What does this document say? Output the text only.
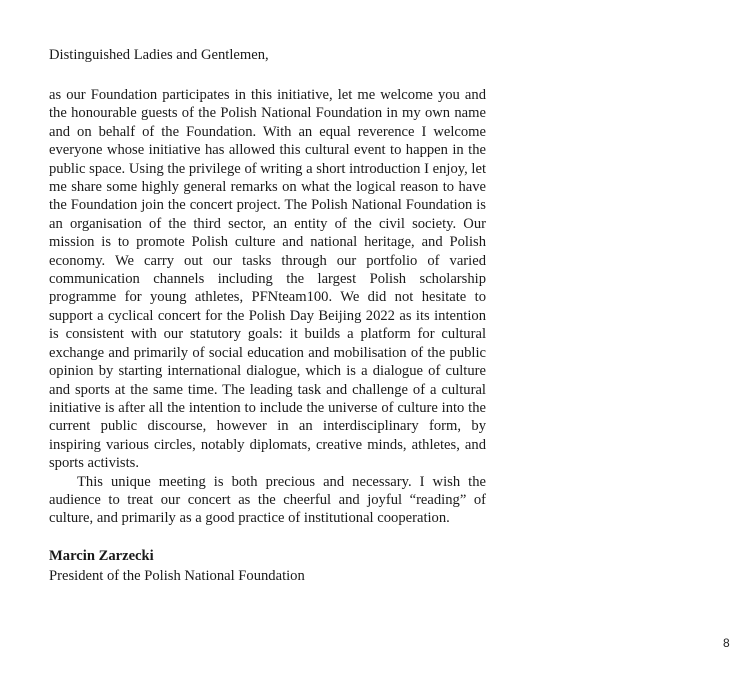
Distinguished Ladies and Gentlemen,

as our Foundation participates in this initiative, let me welcome you and the honourable guests of the Polish National Foundation in my own name and on behalf of the Foundation. With an equal reverence I welcome everyone whose initiative has allowed this cultural event to happen in the public space. Using the privilege of writing a short introduction I enjoy, let me share some highly general remarks on what the logical reason to have the Foundation join the concert project. The Polish National Foundation is an organisation of the third sector, an entity of the civil society. Our mission is to promote Polish culture and national heritage, and Polish economy. We carry out our tasks through our portfolio of varied communication channels including the largest Polish scholarship programme for young athletes, PFNteam100. We did not hesitate to support a cyclical concert for the Polish Day Beijing 2022 as its intention is consistent with our statutory goals: it builds a platform for cultural exchange and primarily of social education and mobilisation of the public opinion by starting international dialogue, which is a dialogue of culture and sports at the same time. The leading task and challenge of a cultural initiative is after all the intention to include the universe of culture into the current public discourse, however in an interdisciplinary form, by inspiring various circles, notably diplomats, creative minds, athletes, and sports activists.

This unique meeting is both precious and necessary. I wish the audience to treat our concert as the cheerful and joyful “reading” of culture, and primarily as a good practice of institutional cooperation.

Marcin Zarzecki
President of the Polish National Foundation
8
